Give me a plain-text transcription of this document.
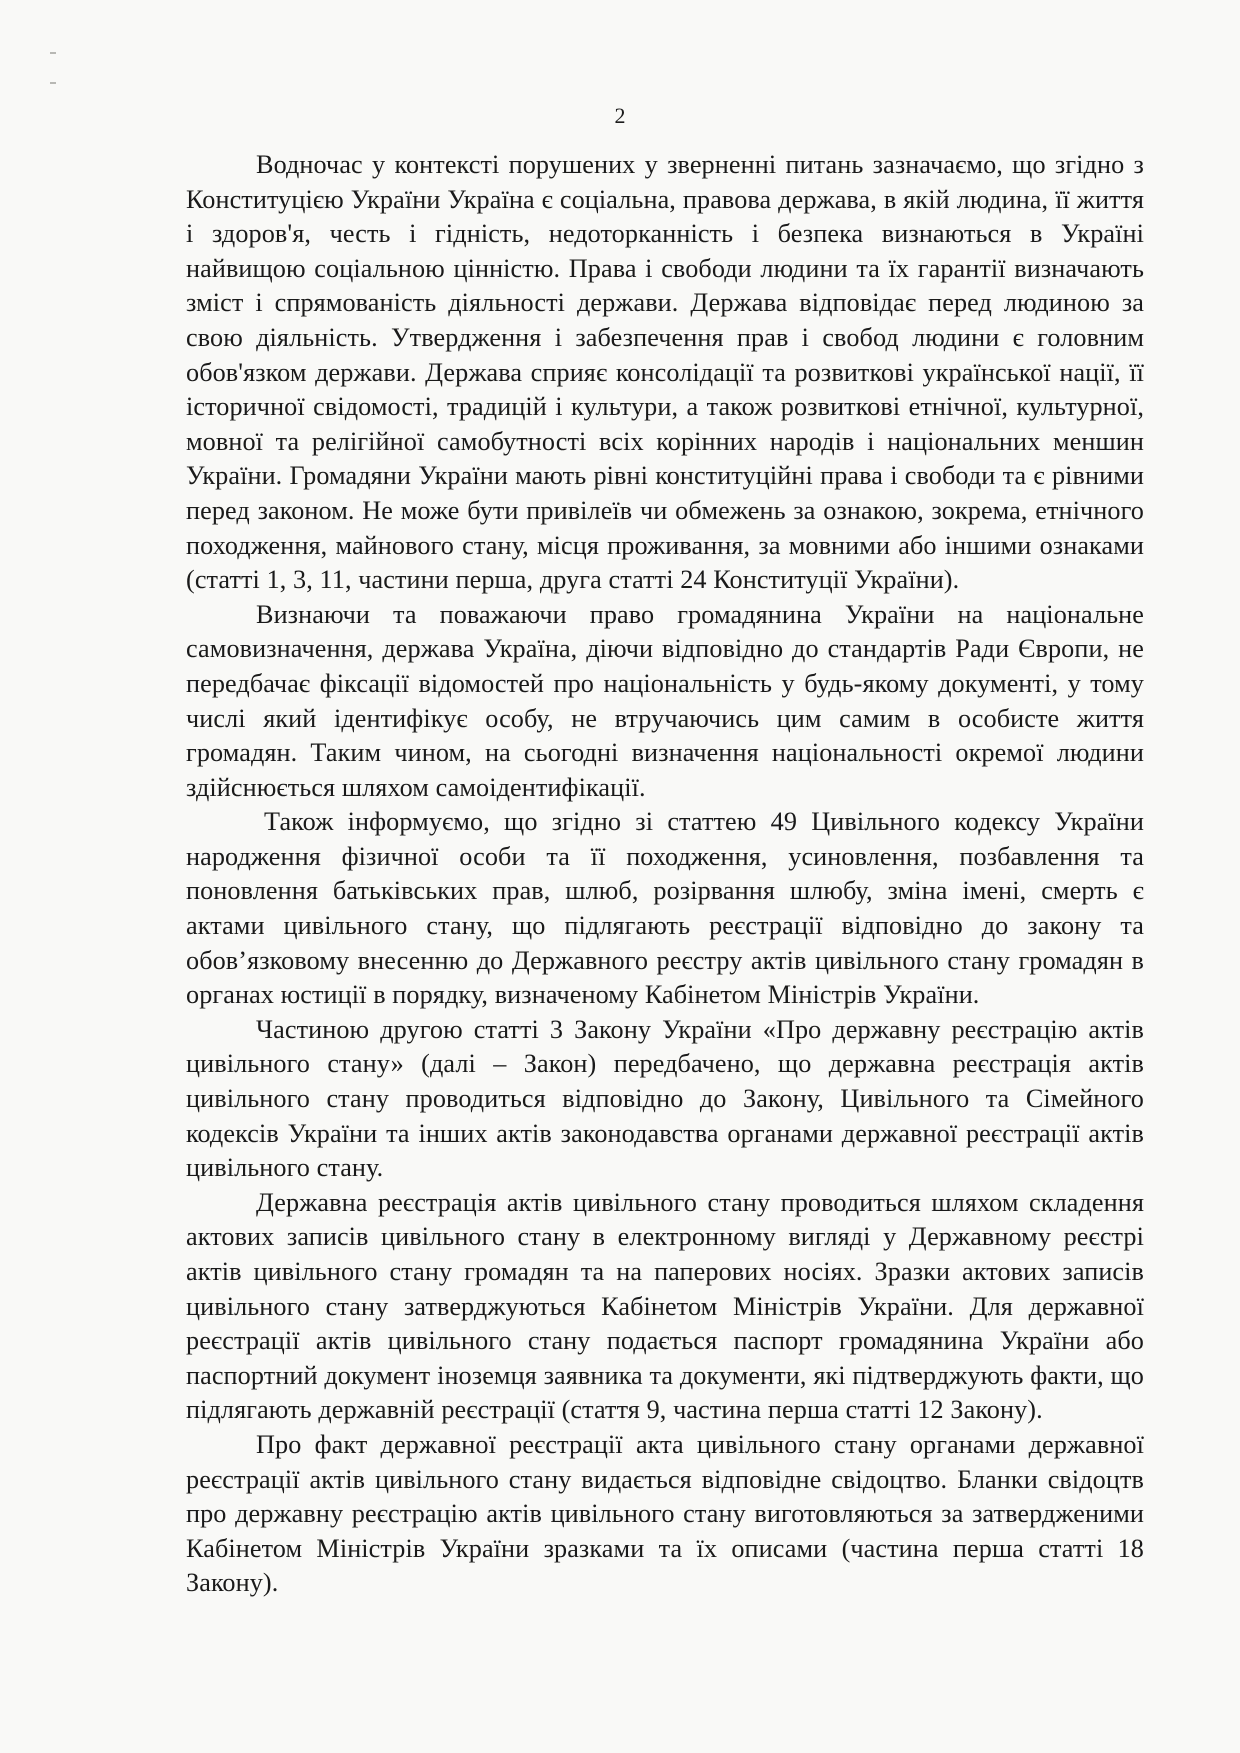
2

Водночас у контексті порушених у зверненні питань зазначаємо, що згідно з Конституцією України Україна є соціальна, правова держава, в якій людина, її життя і здоров'я, честь і гідність, недоторканність і безпека визнаються в Україні найвищою соціальною цінністю. Права і свободи людини та їх гарантії визначають зміст і спрямованість діяльності держави. Держава відповідає перед людиною за свою діяльність. Утвердження і забезпечення прав і свобод людини є головним обов'язком держави. Держава сприяє консолідації та розвиткові української нації, її історичної свідомості, традицій і культури, а також розвиткові етнічної, культурної, мовної та релігійної самобутності всіх корінних народів і національних меншин України. Громадяни України мають рівні конституційні права і свободи та є рівними перед законом. Не може бути привілеїв чи обмежень за ознакою, зокрема, етнічного походження, майнового стану, місця проживання, за мовними або іншими ознаками (статті 1, 3, 11, частини перша, друга статті 24 Конституції України).

Визнаючи та поважаючи право громадянина України на національне самовизначення, держава Україна, діючи відповідно до стандартів Ради Європи, не передбачає фіксації відомостей про національність у будь-якому документі, у тому числі який ідентифікує особу, не втручаючись цим самим в особисте життя громадян. Таким чином, на сьогодні визначення національності окремої людини здійснюється шляхом самоідентифікації.

Також інформуємо, що згідно зі статтею 49 Цивільного кодексу України народження фізичної особи та її походження, усиновлення, позбавлення та поновлення батьківських прав, шлюб, розірвання шлюбу, зміна імені, смерть є актами цивільного стану, що підлягають реєстрації відповідно до закону та обов’язковому внесенню до Державного реєстру актів цивільного стану громадян в органах юстиції в порядку, визначеному Кабінетом Міністрів України.

Частиною другою статті 3 Закону України «Про державну реєстрацію актів цивільного стану» (далі – Закон) передбачено, що державна реєстрація актів цивільного стану проводиться відповідно до Закону, Цивільного та Сімейного кодексів України та інших актів законодавства органами державної реєстрації актів цивільного стану.

Державна реєстрація актів цивільного стану проводиться шляхом складення актових записів цивільного стану в електронному вигляді у Державному реєстрі актів цивільного стану громадян та на паперових носіях. Зразки актових записів цивільного стану затверджуються Кабінетом Міністрів України. Для державної реєстрації актів цивільного стану подається паспорт громадянина України або паспортний документ іноземця заявника та документи, які підтверджують факти, що підлягають державній реєстрації (стаття 9, частина перша статті 12 Закону).

Про факт державної реєстрації акта цивільного стану органами державної реєстрації актів цивільного стану видається відповідне свідоцтво. Бланки свідоцтв про державну реєстрацію актів цивільного стану виготовляються за затвердженими Кабінетом Міністрів України зразками та їх описами (частина перша статті 18 Закону).
